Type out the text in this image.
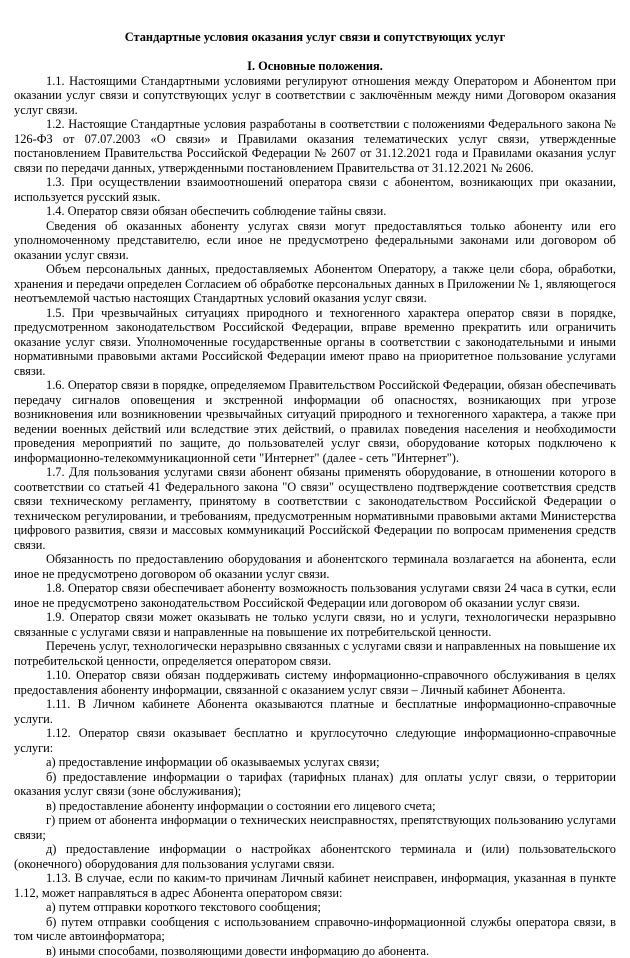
Стандартные условия оказания услуг связи и сопутствующих услуг
I. Основные положения.

1.1. Настоящими Стандартными условиями регулируют отношения между Оператором и Абонентом при оказании услуг связи и сопутствующих услуг в соответствии с заключённым между ними Договором оказания услуг связи.

1.2. Настоящие Стандартные условия разработаны в соответствии с положениями Федерального закона № 126-ФЗ от 07.07.2003 «О связи» и Правилами оказания телематических услуг связи, утвержденные постановлением Правительства Российской Федерации № 2607 от 31.12.2021 года и Правилами оказания услуг связи по передачи данных, утвержденными постановлением Правительства от 31.12.2021 № 2606.

1.3. При осуществлении взаимоотношений оператора связи с абонентом, возникающих при оказании, используется русский язык.

1.4. Оператор связи обязан обеспечить соблюдение тайны связи.

Сведения об оказанных абоненту услугах связи могут предоставляться только абоненту или его уполномоченному представителю, если иное не предусмотрено федеральными законами или договором об оказании услуг связи.

Объем персональных данных, предоставляемых Абонентом Оператору, а также цели сбора, обработки, хранения и передачи определен Согласием об обработке персональных данных в Приложении № 1, являющегося неотъемлемой частью настоящих Стандартных условий оказания услуг связи.

1.5. При чрезвычайных ситуациях природного и техногенного характера оператор связи в порядке, предусмотренном законодательством Российской Федерации, вправе временно прекратить или ограничить оказание услуг связи. Уполномоченные государственные органы в соответствии с законодательными и иными нормативными правовыми актами Российской Федерации имеют право на приоритетное пользование услугами связи.

1.6. Оператор связи в порядке, определяемом Правительством Российской Федерации, обязан обеспечивать передачу сигналов оповещения и экстренной информации об опасностях, возникающих при угрозе возникновения или возникновении чрезвычайных ситуаций природного и техногенного характера, а также при ведении военных действий или вследствие этих действий, о правилах поведения населения и необходимости проведения мероприятий по защите, до пользователей услуг связи, оборудование которых подключено к информационно-телекоммуникационной сети "Интернет" (далее - сеть "Интернет").

1.7. Для пользования услугами связи абонент обязаны применять оборудование, в отношении которого в соответствии со статьей 41 Федерального закона "О связи" осуществлено подтверждение соответствия средств связи техническому регламенту, принятому в соответствии с законодательством Российской Федерации о техническом регулировании, и требованиям, предусмотренным нормативными правовыми актами Министерства цифрового развития, связи и массовых коммуникаций Российской Федерации по вопросам применения средств связи.

Обязанность по предоставлению оборудования и абонентского терминала возлагается на абонента, если иное не предусмотрено договором об оказании услуг связи.

1.8. Оператор связи обеспечивает абоненту возможность пользования услугами связи 24 часа в сутки, если иное не предусмотрено законодательством Российской Федерации или договором об оказании услуг связи.

1.9. Оператор связи может оказывать не только услуги связи, но и услуги, технологически неразрывно связанные с услугами связи и направленные на повышение их потребительской ценности.

Перечень услуг, технологически неразрывно связанных с услугами связи и направленных на повышение их потребительской ценности, определяется оператором связи.

1.10. Оператор связи обязан поддерживать систему информационно-справочного обслуживания в целях предоставления абоненту информации, связанной с оказанием услуг связи – Личный кабинет Абонента.

1.11. В Личном кабинете Абонента оказываются платные и бесплатные информационно-справочные услуги.

1.12. Оператор связи оказывает бесплатно и круглосуточно следующие информационно-справочные услуги:

а) предоставление информации об оказываемых услугах связи;

б) предоставление информации о тарифах (тарифных планах) для оплаты услуг связи, о территории оказания услуг связи (зоне обслуживания);

в) предоставление абоненту информации о состоянии его лицевого счета;

г) прием от абонента информации о технических неисправностях, препятствующих пользованию услугами связи;

д) предоставление информации о настройках абонентского терминала и (или) пользовательского (оконечного) оборудования для пользования услугами связи.

1.13. В случае, если по каким-то причинам Личный кабинет неисправен, информация, указанная в пункте 1.12, может направляться в адрес Абонента оператором связи:

а) путем отправки короткого текстового сообщения;

б) путем отправки сообщения с использованием справочно-информационной службы оператора связи, в том числе автоинформатора;

в) иными способами, позволяющими довести информацию до абонента.
